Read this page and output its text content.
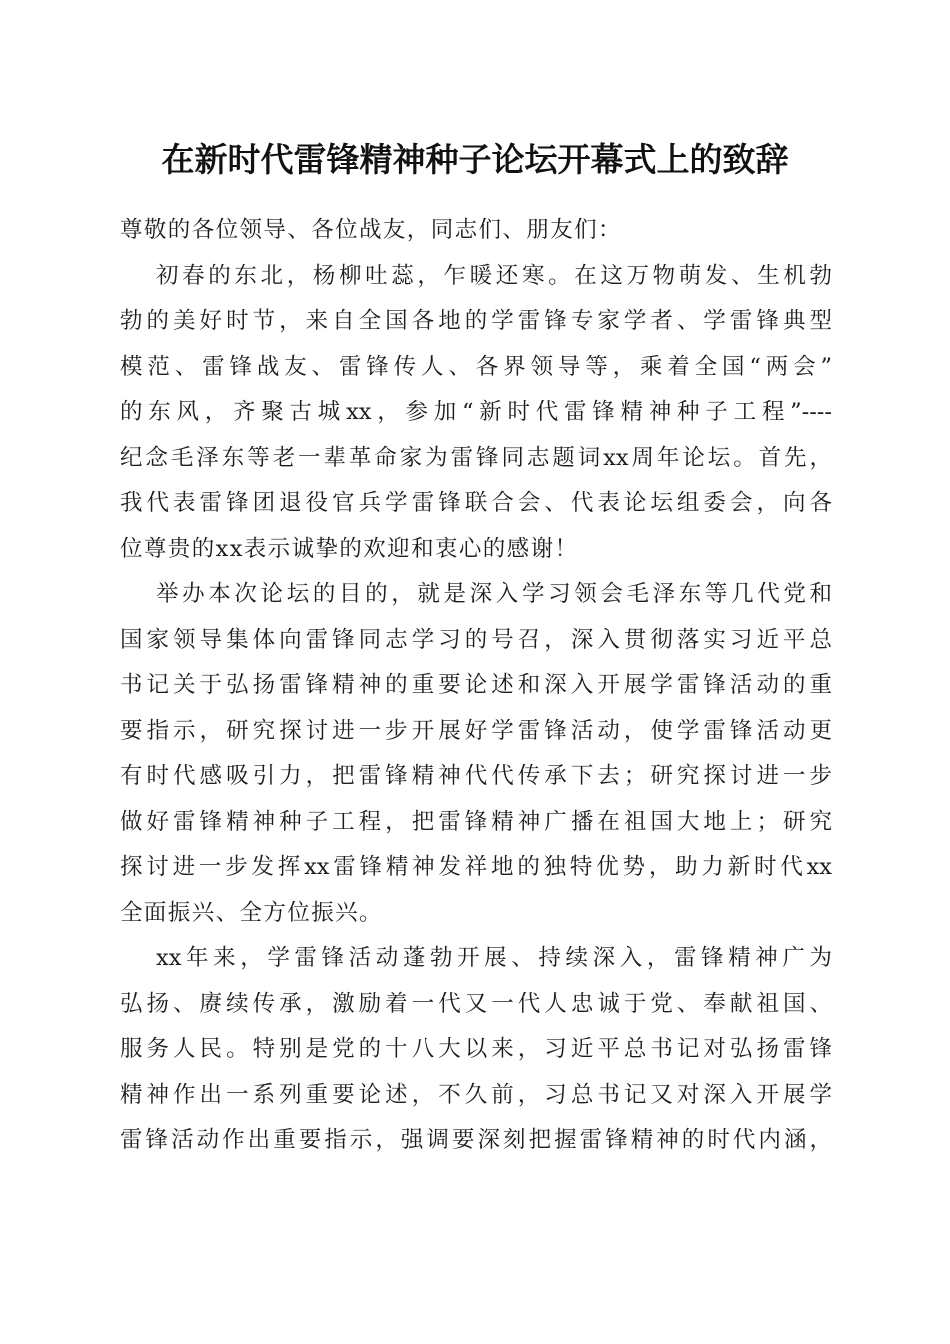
在新时代雷锋精神种子论坛开幕式上的致辞
尊敬的各位领导、各位战友，同志们、朋友们：
初春的东北，杨柳吐蕊，乍暖还寒。在这万物萌发、生机勃
勃的美好时节，来自全国各地的学雷锋专家学者、学雷锋典型
模范、雷锋战友、雷锋传人、各界领导等，乘着全国“两会”
的东风，齐聚古城xx，参加“新时代雷锋精神种子工程”----
纪念毛泽东等老一辈革命家为雷锋同志题词xx周年论坛。首先，
我代表雷锋团退役官兵学雷锋联合会、代表论坛组委会，向各
位尊贵的xx表示诚挚的欢迎和衷心的感谢！
举办本次论坛的目的，就是深入学习领会毛泽东等几代党和
国家领导集体向雷锋同志学习的号召，深入贯彻落实习近平总
书记关于弘扬雷锋精神的重要论述和深入开展学雷锋活动的重
要指示，研究探讨进一步开展好学雷锋活动，使学雷锋活动更
有时代感吸引力，把雷锋精神代代传承下去；研究探讨进一步
做好雷锋精神种子工程，把雷锋精神广播在祖国大地上；研究
探讨进一步发挥xx雷锋精神发祥地的独特优势，助力新时代xx
全面振兴、全方位振兴。
xx年来，学雷锋活动蓬勃开展、持续深入，雷锋精神广为
弘扬、赓续传承，激励着一代又一代人忠诚于党、奉献祖国、
服务人民。特别是党的十八大以来，习近平总书记对弘扬雷锋
精神作出一系列重要论述，不久前，习总书记又对深入开展学
雷锋活动作出重要指示，强调要深刻把握雷锋精神的时代内涵，
